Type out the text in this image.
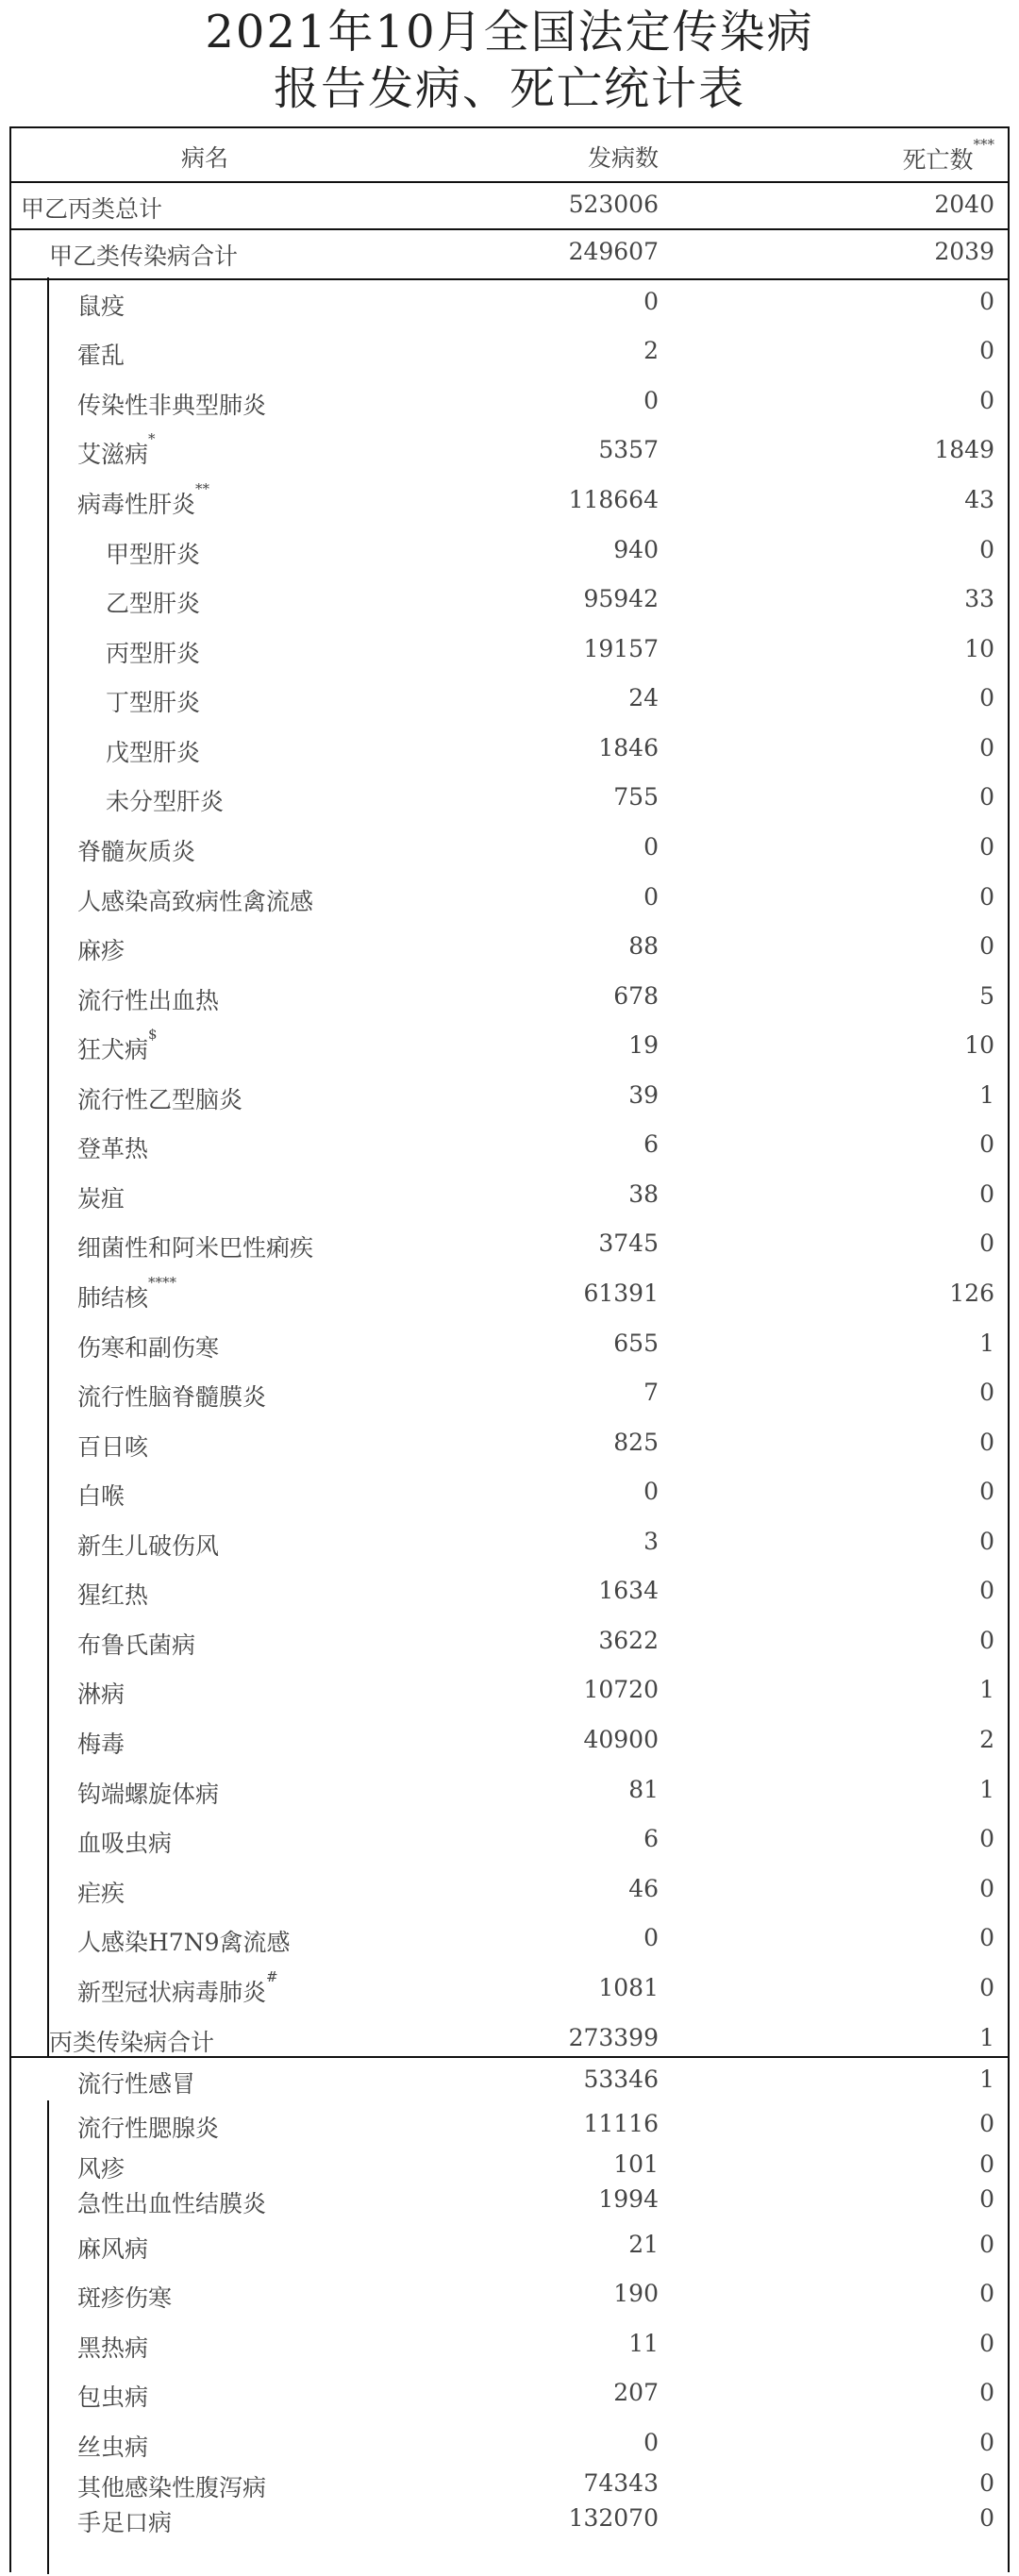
2021年10月全国法定传染病
报告发病、死亡统计表
病名	发病数	死亡数***
甲乙丙类总计	523006	2040
甲乙类传染病合计	249607	2039
鼠疫	0	0
霍乱	2	0
传染性非典型肺炎	0	0
艾滋病*	5357	1849
病毒性肝炎**	118664	43
甲型肝炎	940	0
乙型肝炎	95942	33
丙型肝炎	19157	10
丁型肝炎	24	0
戊型肝炎	1846	0
未分型肝炎	755	0
脊髓灰质炎	0	0
人感染高致病性禽流感	0	0
麻疹	88	0
流行性出血热	678	5
狂犬病$	19	10
流行性乙型脑炎	39	1
登革热	6	0
炭疽	38	0
细菌性和阿米巴性痢疾	3745	0
肺结核****	61391	126
伤寒和副伤寒	655	1
流行性脑脊髓膜炎	7	0
百日咳	825	0
白喉	0	0
新生儿破伤风	3	0
猩红热	1634	0
布鲁氏菌病	3622	0
淋病	10720	1
梅毒	40900	2
钩端螺旋体病	81	1
血吸虫病	6	0
疟疾	46	0
人感染H7N9禽流感	0	0
新型冠状病毒肺炎#	1081	0
丙类传染病合计	273399	1
流行性感冒	53346	1
流行性腮腺炎	11116	0
风疹	101	0
急性出血性结膜炎	1994	0
麻风病	21	0
斑疹伤寒	190	0
黑热病	11	0
包虫病	207	0
丝虫病	0	0
其他感染性腹泻病	74343	0
手足口病	132070	0
